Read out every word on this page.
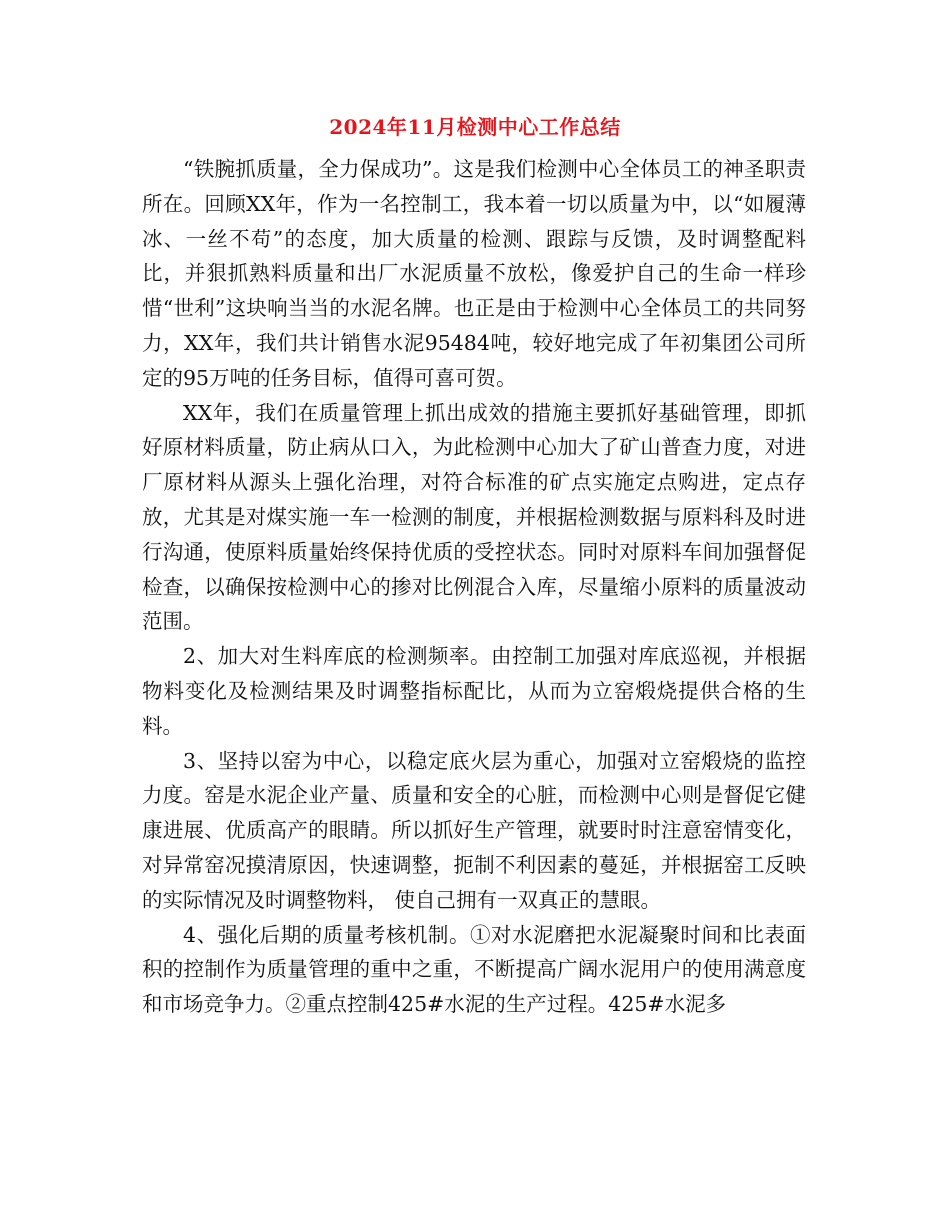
2024年11月检测中心工作总结

“铁腕抓质量，全力保成功”。这是我们检测中心全体员工的神圣职责所在。回顾XX年，作为一名控制工，我本着一切以质量为中，以“如履薄冰、一丝不苟”的态度，加大质量的检测、跟踪与反馈，及时调整配料比，并狠抓熟料质量和出厂水泥质量不放松，像爱护自己的生命一样珍惜“世利”这块响当当的水泥名牌。也正是由于检测中心全体员工的共同努力，XX年，我们共计销售水泥95484吨，较好地完成了年初集团公司所定的95万吨的任务目标，值得可喜可贺。

XX年，我们在质量管理上抓出成效的措施主要抓好基础管理，即抓好原材料质量，防止病从口入，为此检测中心加大了矿山普查力度，对进厂原材料从源头上强化治理，对符合标准的矿点实施定点购进，定点存放，尤其是对煤实施一车一检测的制度，并根据检测数据与原料科及时进行沟通，使原料质量始终保持优质的受控状态。同时对原料车间加强督促检查，以确保按检测中心的掺对比例混合入库，尽量缩小原料的质量波动范围。

2、加大对生料库底的检测频率。由控制工加强对库底巡视，并根据物料变化及检测结果及时调整指标配比，从而为立窑煅烧提供合格的生料。

3、坚持以窑为中心，以稳定底火层为重心，加强对立窑煅烧的监控力度。窑是水泥企业产量、质量和安全的心脏，而检测中心则是督促它健康进展、优质高产的眼睛。所以抓好生产管理，就要时时注意窑情变化，对异常窑况摸清原因，快速调整，扼制不利因素的蔓延，并根据窑工反映的实际情况及时调整物料， 使自己拥有一双真正的慧眼。

4、强化后期的质量考核机制。①对水泥磨把水泥凝聚时间和比表面积的控制作为质量管理的重中之重，不断提高广阔水泥用户的使用满意度和市场竞争力。②重点控制425#水泥的生产过程。425#水泥多
